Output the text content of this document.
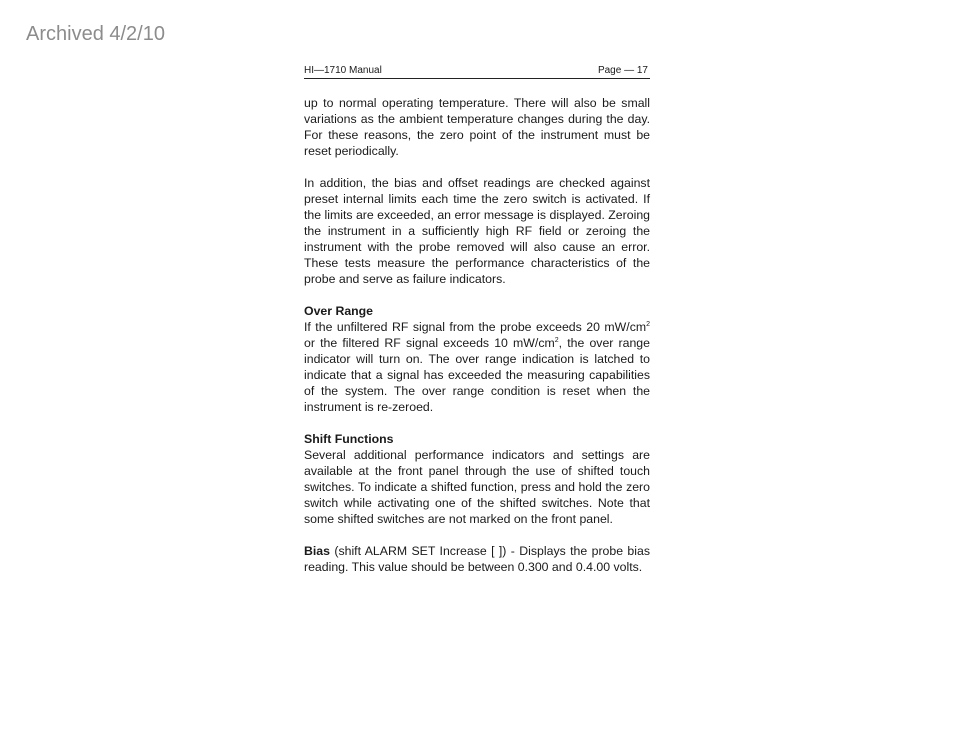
Archived 4/2/10
HI—1710 Manual	Page — 17

up to normal operating temperature. There will also be small variations as the ambient temperature changes during the day. For these reasons, the zero point of the instrument must be reset periodically.

In addition, the bias and offset readings are checked against preset internal limits each time the zero switch is activated. If the limits are exceeded, an error message is displayed. Zeroing the instrument in a sufficiently high RF field or zeroing the instrument with the probe removed will also cause an error. These tests measure the performance characteristics of the probe and serve as failure indicators.

Over Range

If the unfiltered RF signal from the probe exceeds 20 $mW/cm^2$ or the filtered RF signal exceeds 10 $mW/cm^2$, the over range indicator will turn on. The over range indication is latched to indicate that a signal has exceeded the measuring capabilities of the system. The over range condition is reset when the instrument is re-zeroed.

Shift Functions

Several additional performance indicators and settings are available at the front panel through the use of shifted touch switches. To indicate a shifted function, press and hold the zero switch while activating one of the shifted switches. Note that some shifted switches are not marked on the front panel.

Bias (shift ALARM SET Increase [ ]) - Displays the probe bias reading. This value should be between 0.300 and 0.4.00 volts.
